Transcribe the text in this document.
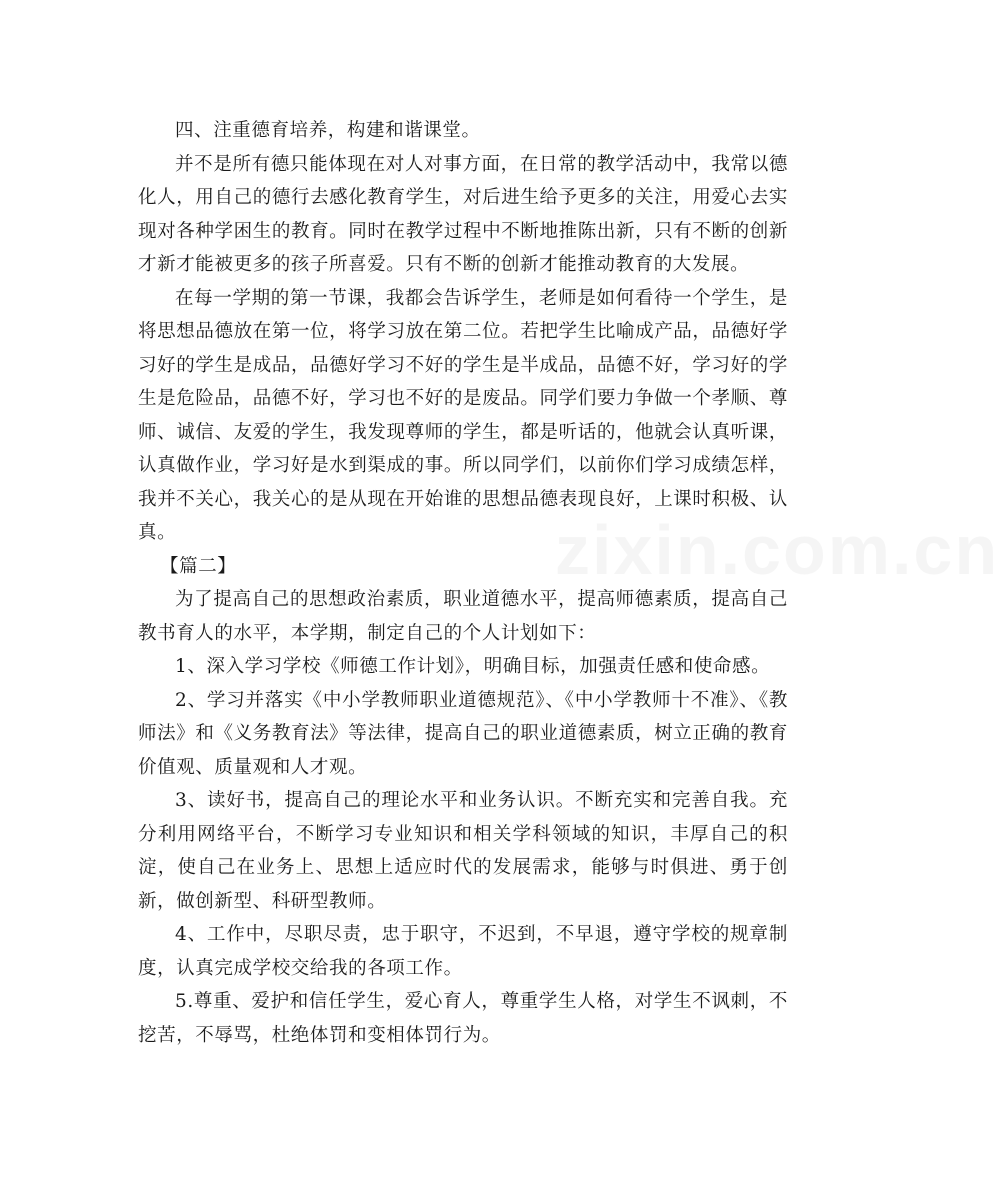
zixin.com.cn

四、注重德育培养，构建和谐课堂。

并不是所有德只能体现在对人对事方面，在日常的教学活动中，我常以德化人，用自己的德行去感化教育学生，对后进生给予更多的关注，用爱心去实现对各种学困生的教育。同时在教学过程中不断地推陈出新，只有不断的创新才新才能被更多的孩子所喜爱。只有不断的创新才能推动教育的大发展。

在每一学期的第一节课，我都会告诉学生，老师是如何看待一个学生，是将思想品德放在第一位，将学习放在第二位。若把学生比喻成产品，品德好学习好的学生是成品，品德好学习不好的学生是半成品，品德不好，学习好的学生是危险品，品德不好，学习也不好的是废品。同学们要力争做一个孝顺、尊师、诚信、友爱的学生，我发现尊师的学生，都是听话的，他就会认真听课，认真做作业，学习好是水到渠成的事。所以同学们，以前你们学习成绩怎样，我并不关心，我关心的是从现在开始谁的思想品德表现良好，上课时积极、认真。

【篇二】

为了提高自己的思想政治素质，职业道德水平，提高师德素质，提高自己教书育人的水平，本学期，制定自己的个人计划如下：

1、深入学习学校《师德工作计划》，明确目标，加强责任感和使命感。

2、学习并落实《中小学教师职业道德规范》、《中小学教师十不准》、《教师法》和《义务教育法》等法律，提高自己的职业道德素质，树立正确的教育价值观、质量观和人才观。

3、读好书，提高自己的理论水平和业务认识。不断充实和完善自我。充分利用网络平台，不断学习专业知识和相关学科领域的知识，丰厚自己的积淀，使自己在业务上、思想上适应时代的发展需求，能够与时俱进、勇于创新，做创新型、科研型教师。

4、工作中，尽职尽责，忠于职守，不迟到，不早退，遵守学校的规章制度，认真完成学校交给我的各项工作。

5.尊重、爱护和信任学生，爱心育人，尊重学生人格，对学生不讽刺，不挖苦，不辱骂，杜绝体罚和变相体罚行为。
